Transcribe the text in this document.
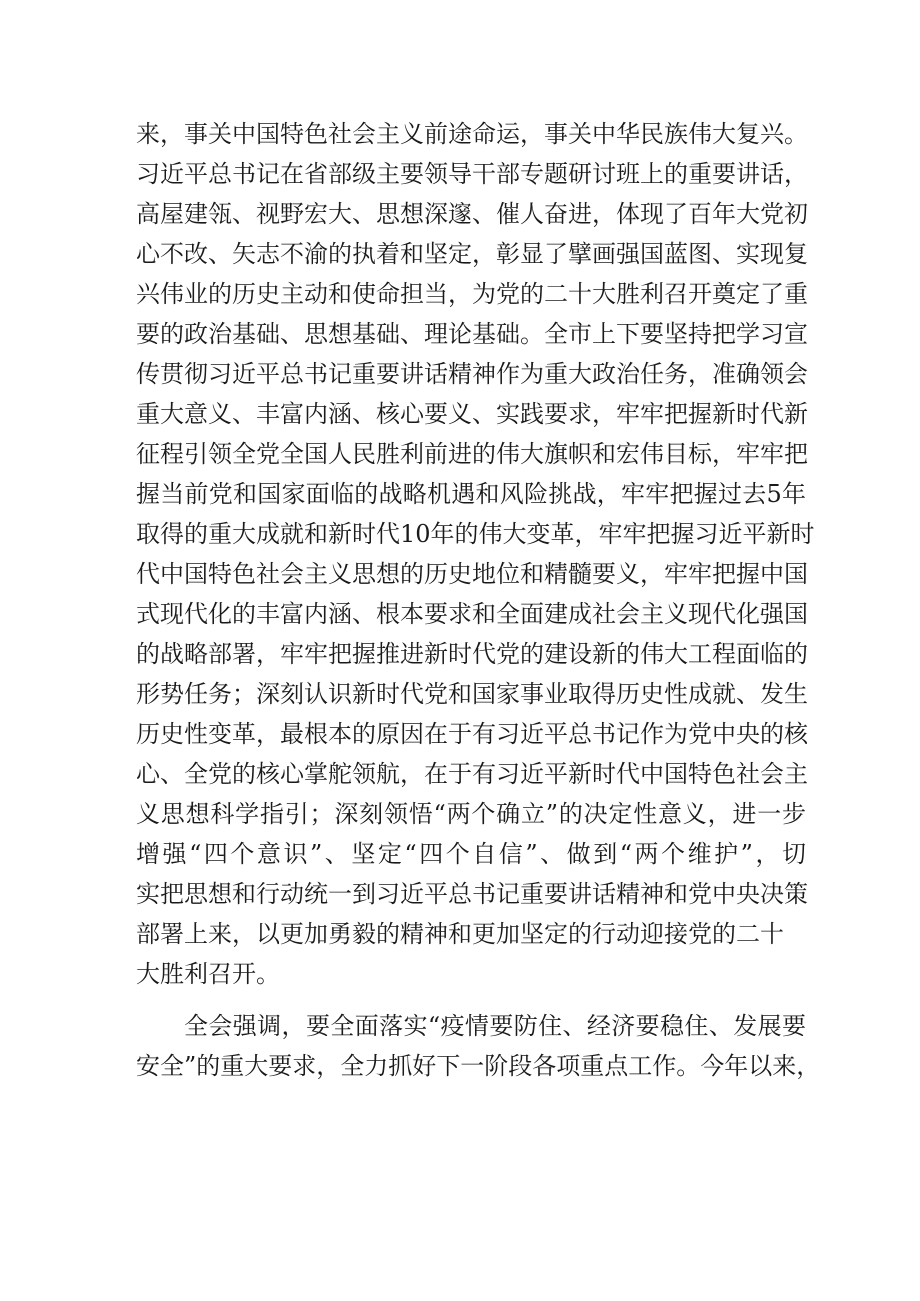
来，事关中国特色社会主义前途命运，事关中华民族伟大复兴。
习近平总书记在省部级主要领导干部专题研讨班上的重要讲话，
高屋建瓴、视野宏大、思想深邃、催人奋进，体现了百年大党初
心不改、矢志不渝的执着和坚定，彰显了擘画强国蓝图、实现复
兴伟业的历史主动和使命担当，为党的二十大胜利召开奠定了重
要的政治基础、思想基础、理论基础。全市上下要坚持把学习宣
传贯彻习近平总书记重要讲话精神作为重大政治任务，准确领会
重大意义、丰富内涵、核心要义、实践要求，牢牢把握新时代新
征程引领全党全国人民胜利前进的伟大旗帜和宏伟目标，牢牢把
握当前党和国家面临的战略机遇和风险挑战，牢牢把握过去5年
取得的重大成就和新时代10年的伟大变革，牢牢把握习近平新时
代中国特色社会主义思想的历史地位和精髓要义，牢牢把握中国
式现代化的丰富内涵、根本要求和全面建成社会主义现代化强国
的战略部署，牢牢把握推进新时代党的建设新的伟大工程面临的
形势任务；深刻认识新时代党和国家事业取得历史性成就、发生
历史性变革，最根本的原因在于有习近平总书记作为党中央的核
心、全党的核心掌舵领航，在于有习近平新时代中国特色社会主
义思想科学指引；深刻领悟“两个确立”的决定性意义，进一步
增强“四个意识”、坚定“四个自信”、做到“两个维护”，切
实把思想和行动统一到习近平总书记重要讲话精神和党中央决策
部署上来，以更加勇毅的精神和更加坚定的行动迎接党的二十
大胜利召开。
全会强调，要全面落实“疫情要防住、经济要稳住、发展要
安全”的重大要求，全力抓好下一阶段各项重点工作。今年以来，
